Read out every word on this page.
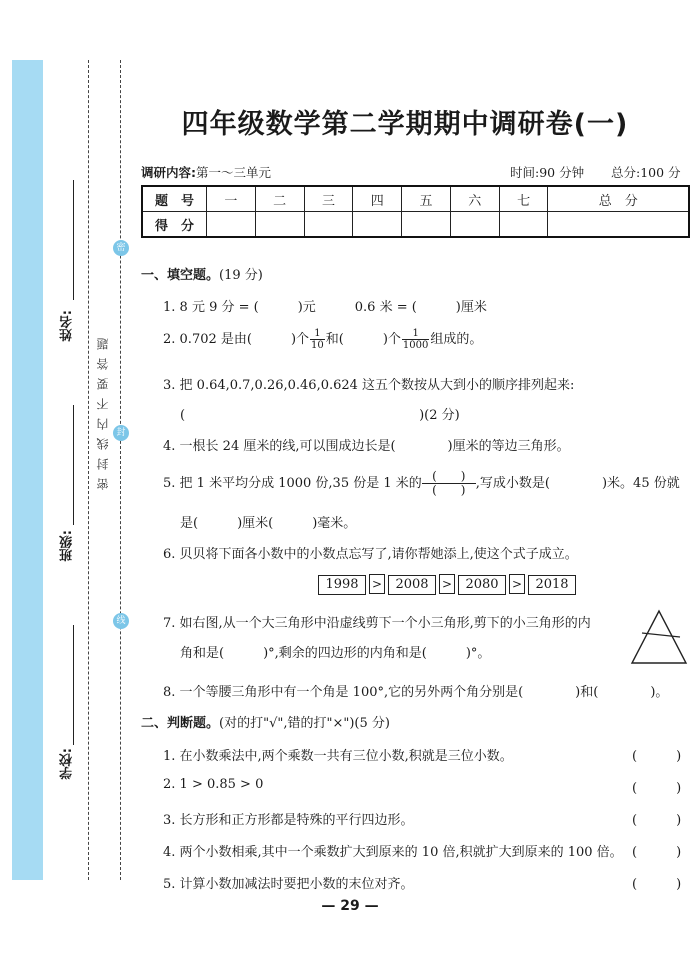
密
封
线
姓名:
班级:
学校:
密封线内不要答题
四年级数学第二学期期中调研卷(一)
调研内容:第一～三单元	时间:90 分钟 总分:100 分
题　号	一	二	三	四	五	六	七	总　分
得　分								
一、填空题。(19 分)
1. 8 元 9 分 = (　　　)元　　　0.6 米 = (　　　)厘米
2. 0.702 是由(　　　)个 $\frac{1}{10}$ 和(　　　)个 $\frac{1}{1000}$ 组成的。
3. 把 0.64,0.7,0.26,0.46,0.624 这五个数按从大到小的顺序排列起来:
(　　　　　　　　　　　　　　　　　　)(2 分)
4. 一根长 24 厘米的线,可以围成边长是(　　　　)厘米的等边三角形。
5. 把 1 米平均分成 1000 份,35 份是 1 米的 (　　)
(　　) ,写成小数是(　　　　)米。45 份就
是(　　　)厘米(　　　)毫米。
6. 贝贝将下面各小数中的小数点忘写了,请你帮她添上,使这个式子成立。
1998 > 2008 > 2080 > 2018
7. 如右图,从一个大三角形中沿虚线剪下一个小三角形,剪下的小三角形的内
角和是(　　　)°,剩余的四边形的内角和是(　　　)°。
8. 一个等腰三角形中有一个角是 100°,它的另外两个角分别是(　　　　)和(　　　　)。
二、判断题。(对的打"√",错的打"×")(5 分)
1. 在小数乘法中,两个乘数一共有三位小数,积就是三位小数。	(　　　)
2. 1 > 0.85 > 0	(　　　)
3. 长方形和正方形都是特殊的平行四边形。	(　　　)
4. 两个小数相乘,其中一个乘数扩大到原来的 10 倍,积就扩大到原来的 100 倍。 (　　　)
5. 计算小数加减法时要把小数的末位对齐。	(　　　)
— 29 —
